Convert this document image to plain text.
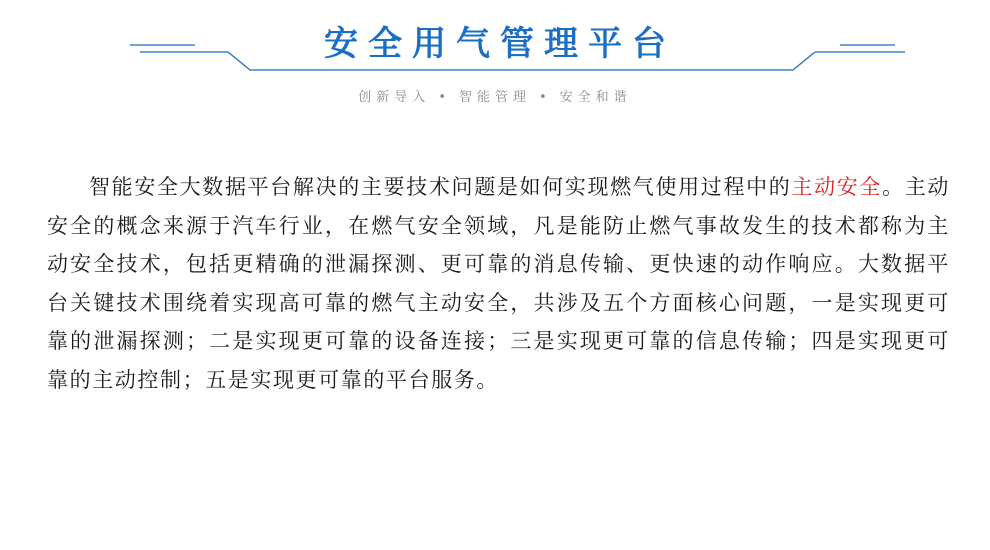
安全用气管理平台
创新导入 • 智能管理 • 安全和谐

智能安全大数据平台解决的主要技术问题是如何实现燃气使用过程中的主动安全。主动安全的概念来源于汽车行业，在燃气安全领域，凡是能防止燃气事故发生的技术都称为主动安全技术，包括更精确的泄漏探测、更可靠的消息传输、更快速的动作响应。大数据平台关键技术围绕着实现高可靠的燃气主动安全，共涉及五个方面核心问题，一是实现更可靠的泄漏探测；二是实现更可靠的设备连接；三是实现更可靠的信息传输；四是实现更可靠的主动控制；五是实现更可靠的平台服务。
